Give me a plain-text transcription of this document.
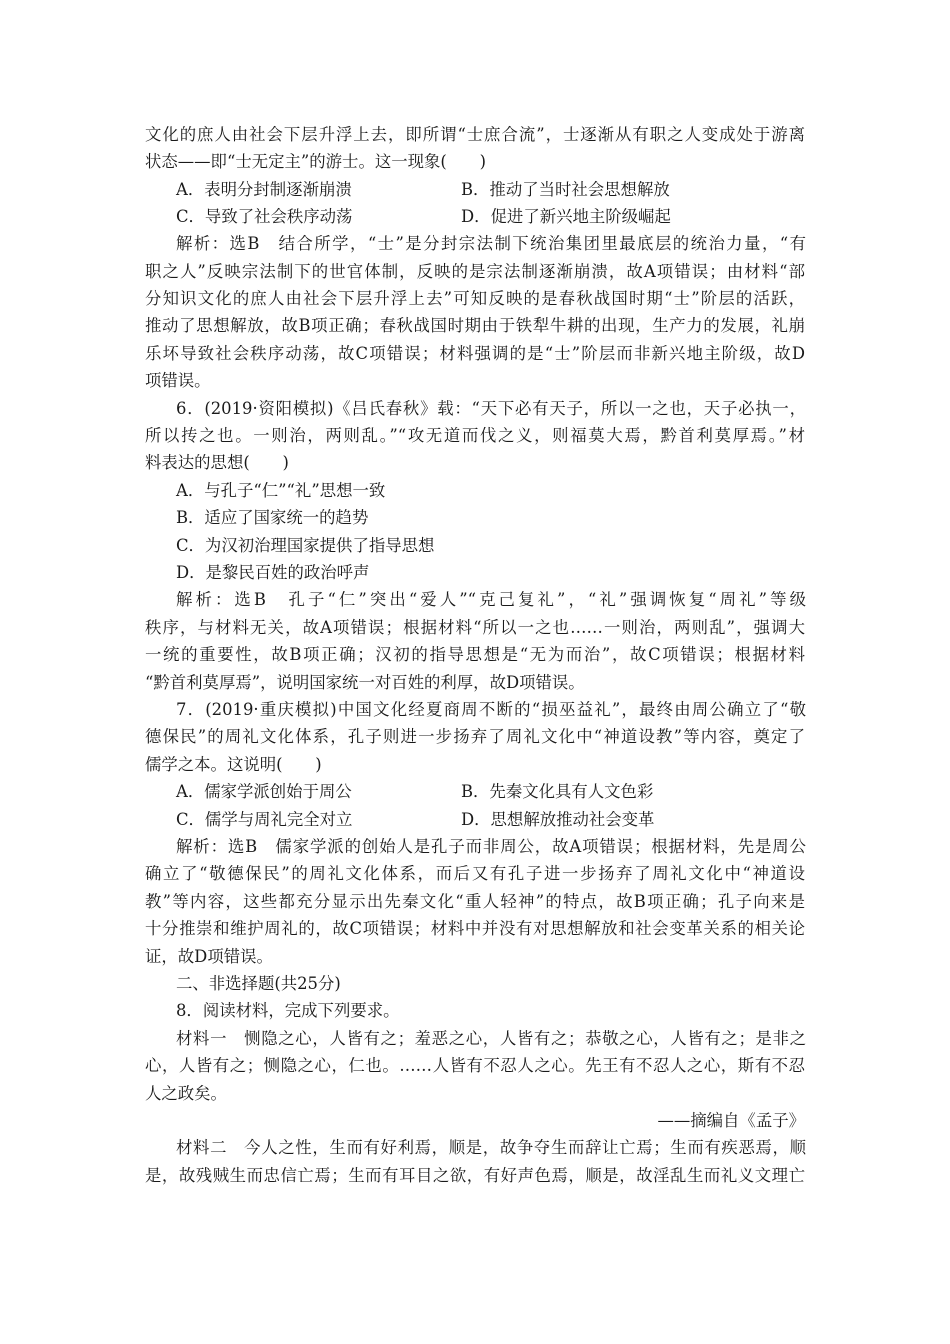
文化的庶人由社会下层升浮上去，即所谓“士庶合流”，士逐渐从有职之人变成处于游离
状态——即“士无定主”的游士。这一现象(　　)
A．表明分封制逐渐崩溃	B．推动了当时社会思想解放
C．导致了社会秩序动荡	D．促进了新兴地主阶级崛起
解析：选B　结合所学，“士”是分封宗法制下统治集团里最底层的统治力量，“有
职之人”反映宗法制下的世官体制，反映的是宗法制逐渐崩溃，故A项错误；由材料“部
分知识文化的庶人由社会下层升浮上去”可知反映的是春秋战国时期“士”阶层的活跃，
推动了思想解放，故B项正确；春秋战国时期由于铁犁牛耕的出现，生产力的发展，礼崩
乐坏导致社会秩序动荡，故C项错误；材料强调的是“士”阶层而非新兴地主阶级，故D
项错误。
6．(2019·资阳模拟)《吕氏春秋》载：“天下必有天子，所以一之也，天子必执一，
所以抟之也。一则治，两则乱。”“攻无道而伐之义，则福莫大焉，黔首利莫厚焉。”材
料表达的思想(　　)
A．与孔子“仁”“礼”思想一致
B．适应了国家统一的趋势
C．为汉初治理国家提供了指导思想
D．是黎民百姓的政治呼声
解析：选B　孔子“仁”突出“爱人”“克己复礼”，“礼”强调恢复“周礼”等级
秩序，与材料无关，故A项错误；根据材料“所以一之也……一则治，两则乱”，强调大
一统的重要性，故B项正确；汉初的指导思想是“无为而治”，故C项错误；根据材料
“黔首利莫厚焉”，说明国家统一对百姓的利厚，故D项错误。
7．(2019·重庆模拟)中国文化经夏商周不断的“损巫益礼”，最终由周公确立了“敬
德保民”的周礼文化体系，孔子则进一步扬弃了周礼文化中“神道设教”等内容，奠定了
儒学之本。这说明(　　)
A．儒家学派创始于周公	B．先秦文化具有人文色彩
C．儒学与周礼完全对立	D．思想解放推动社会变革
解析：选B　儒家学派的创始人是孔子而非周公，故A项错误；根据材料，先是周公
确立了“敬德保民”的周礼文化体系，而后又有孔子进一步扬弃了周礼文化中“神道设
教”等内容，这些都充分显示出先秦文化“重人轻神”的特点，故B项正确；孔子向来是
十分推崇和维护周礼的，故C项错误；材料中并没有对思想解放和社会变革关系的相关论
证，故D项错误。
二、非选择题(共25分)
8．阅读材料，完成下列要求。
材料一　恻隐之心，人皆有之；羞恶之心，人皆有之；恭敬之心，人皆有之；是非之
心，人皆有之；恻隐之心，仁也。……人皆有不忍人之心。先王有不忍人之心，斯有不忍
人之政矣。
——摘编自《孟子》
材料二　今人之性，生而有好利焉，顺是，故争夺生而辞让亡焉；生而有疾恶焉，顺
是，故残贼生而忠信亡焉；生而有耳目之欲，有好声色焉，顺是，故淫乱生而礼义文理亡
